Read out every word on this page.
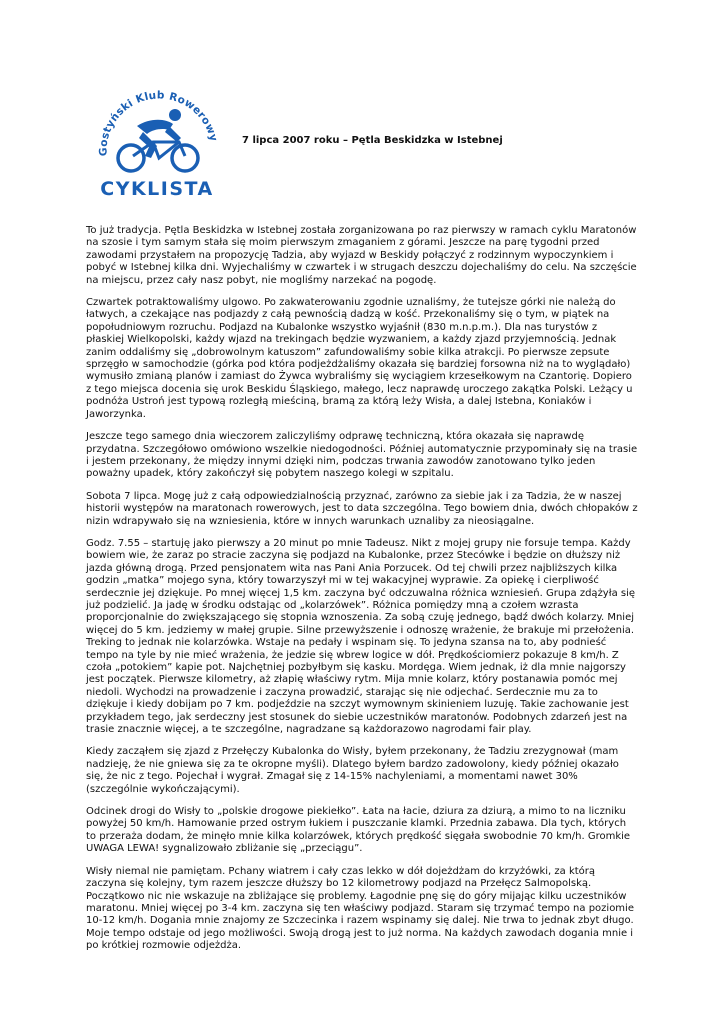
Gostyński Klub Rowerowy
CYKLISTA
7 lipca 2007 roku – Pętla Beskidzka w Istebnej

To już tradycja. Pętla Beskidzka w Istebnej została zorganizowana po raz pierwszy w ramach cyklu Maratonów na szosie i tym samym stała się moim pierwszym zmaganiem z górami. Jeszcze na parę tygodni przed zawodami przystałem na propozycję Tadzia, aby wyjazd w Beskidy połączyć z rodzinnym wypoczynkiem i pobyć w Istebnej kilka dni. Wyjechaliśmy w czwartek i w strugach deszczu dojechaliśmy do celu. Na szczęście na miejscu, przez cały nasz pobyt, nie mogliśmy narzekać na pogodę.

Czwartek potraktowaliśmy ulgowo. Po zakwaterowaniu zgodnie uznaliśmy, że tutejsze górki nie należą do łatwych, a czekające nas podjazdy z całą pewnością dadzą w kość. Przekonaliśmy się o tym, w piątek na popołudniowym rozruchu. Podjazd na Kubalonke wszystko wyjaśnił (830 m.n.p.m.). Dla nas turystów z płaskiej Wielkopolski, każdy wjazd na trekingach będzie wyzwaniem, a każdy zjazd przyjemnością. Jednak zanim oddaliśmy się „dobrowolnym katuszom” zafundowaliśmy sobie kilka atrakcji. Po pierwsze zepsute sprzęgło w samochodzie (górka pod która podjeżdżaliśmy okazała się bardziej forsowna niż na to wyglądało) wymusiło zmianą planów i zamiast do Żywca wybraliśmy się wyciągiem krzesełkowym na Czantorię. Dopiero z tego miejsca docenia się urok Beskidu Śląskiego, małego, lecz naprawdę uroczego zakątka Polski. Leżący u podnóża Ustroń jest typową rozległą mieściną, bramą za którą leży Wisła, a dalej Istebna, Koniaków i Jaworzynka.

Jeszcze tego samego dnia wieczorem zaliczyliśmy odprawę techniczną, która okazała się naprawdę przydatna. Szczegółowo omówiono wszelkie niedogodności. Później automatycznie przypominały się na trasie i jestem przekonany, że między innymi dzięki nim, podczas trwania zawodów zanotowano tylko jeden poważny upadek, który zakończył się pobytem naszego kolegi w szpitalu.

Sobota 7 lipca. Mogę już z całą odpowiedzialnością przyznać, zarówno za siebie jak i za Tadzia, że w naszej historii występów na maratonach rowerowych, jest to data szczególna. Tego bowiem dnia, dwóch chłopaków z nizin wdrapywało się na wzniesienia, które w innych warunkach uznaliby za nieosiągalne.

Godz. 7.55 – startuję jako pierwszy a 20 minut po mnie Tadeusz. Nikt z mojej grupy nie forsuje tempa. Każdy bowiem wie, że zaraz po stracie zaczyna się podjazd na Kubalonke, przez Stecówke i będzie on dłuższy niż jazda główną drogą. Przed pensjonatem wita nas Pani Ania Porzucek. Od tej chwili przez najbliższych kilka godzin „matka” mojego syna, który towarzyszył mi w tej wakacyjnej wyprawie. Za opiekę i cierpliwość serdecznie jej dziękuje. Po mnej więcej 1,5 km. zaczyna być odczuwalna różnica wzniesień. Grupa zdążyła się już podzielić. Ja jadę w środku odstając od „kolarzówek”. Różnica pomiędzy mną a czołem wzrasta proporcjonalnie do zwiększającego się stopnia wznoszenia. Za sobą czuję jednego, bądź dwóch kolarzy. Mniej więcej do 5 km. jedziemy w małej grupie. Silne przewyższenie i odnoszę wrażenie, że brakuje mi przełożenia. Treking to jednak nie kolarzówka. Wstaje na pedały i wspinam się. To jedyna szansa na to, aby podnieść tempo na tyle by nie mieć wrażenia, że jedzie się wbrew logice w dół. Prędkościomierz pokazuje 8 km/h. Z czoła „potokiem” kapie pot. Najchętniej pozbyłbym się kasku. Mordęga. Wiem jednak, iż dla mnie najgorszy jest początek. Pierwsze kilometry, aż złapię właściwy rytm. Mija mnie kolarz, który postanawia pomóc mej niedoli. Wychodzi na prowadzenie i zaczyna prowadzić, starając się nie odjechać. Serdecznie mu za to dziękuje i kiedy dobijam po 7 km. podjeździe na szczyt wymownym skinieniem luzuję. Takie zachowanie jest przykładem tego, jak serdeczny jest stosunek do siebie uczestników maratonów. Podobnych zdarzeń jest na trasie znacznie więcej, a te szczególne, nagradzane są każdorazowo nagrodami fair play.

Kiedy zacząłem się zjazd z Przełęczy Kubalonka do Wisły, byłem przekonany, że Tadziu zrezygnował (mam nadzieję, że nie gniewa się za te okropne myśli). Dlatego byłem bardzo zadowolony, kiedy później okazało się, że nic z tego. Pojechał i wygrał. Zmagał się z 14-15% nachyleniami, a momentami nawet 30% (szczególnie wykończającymi).

Odcinek drogi do Wisły to „polskie drogowe piekiełko”. Łata na łacie, dziura za dziurą, a mimo to na liczniku powyżej 50 km/h. Hamowanie przed ostrym łukiem i puszczanie klamki. Przednia zabawa. Dla tych, których to przeraża dodam, że minęło mnie kilka kolarzówek, których prędkość sięgała swobodnie 70 km/h. Gromkie UWAGA LEWA! sygnalizowało zbliżanie się „przeciągu”.

Wisły niemal nie pamiętam. Pchany wiatrem i cały czas lekko w dół dojeżdżam do krzyżówki, za którą zaczyna się kolejny, tym razem jeszcze dłuższy bo 12 kilometrowy podjazd na Przełęcz Salmopolską. Początkowo nic nie wskazuje na zbliżające się problemy. Łagodnie pnę się do góry mijając kilku uczestników maratonu. Mniej więcej po 3-4 km. zaczyna się ten właściwy podjazd. Staram się trzymać tempo na poziomie 10-12 km/h. Dogania mnie znajomy ze Szczecinka i razem wspinamy się dalej. Nie trwa to jednak zbyt długo. Moje tempo odstaje od jego możliwości. Swoją drogą jest to już norma. Na każdych zawodach dogania mnie i po krótkiej rozmowie odjeżdża.
